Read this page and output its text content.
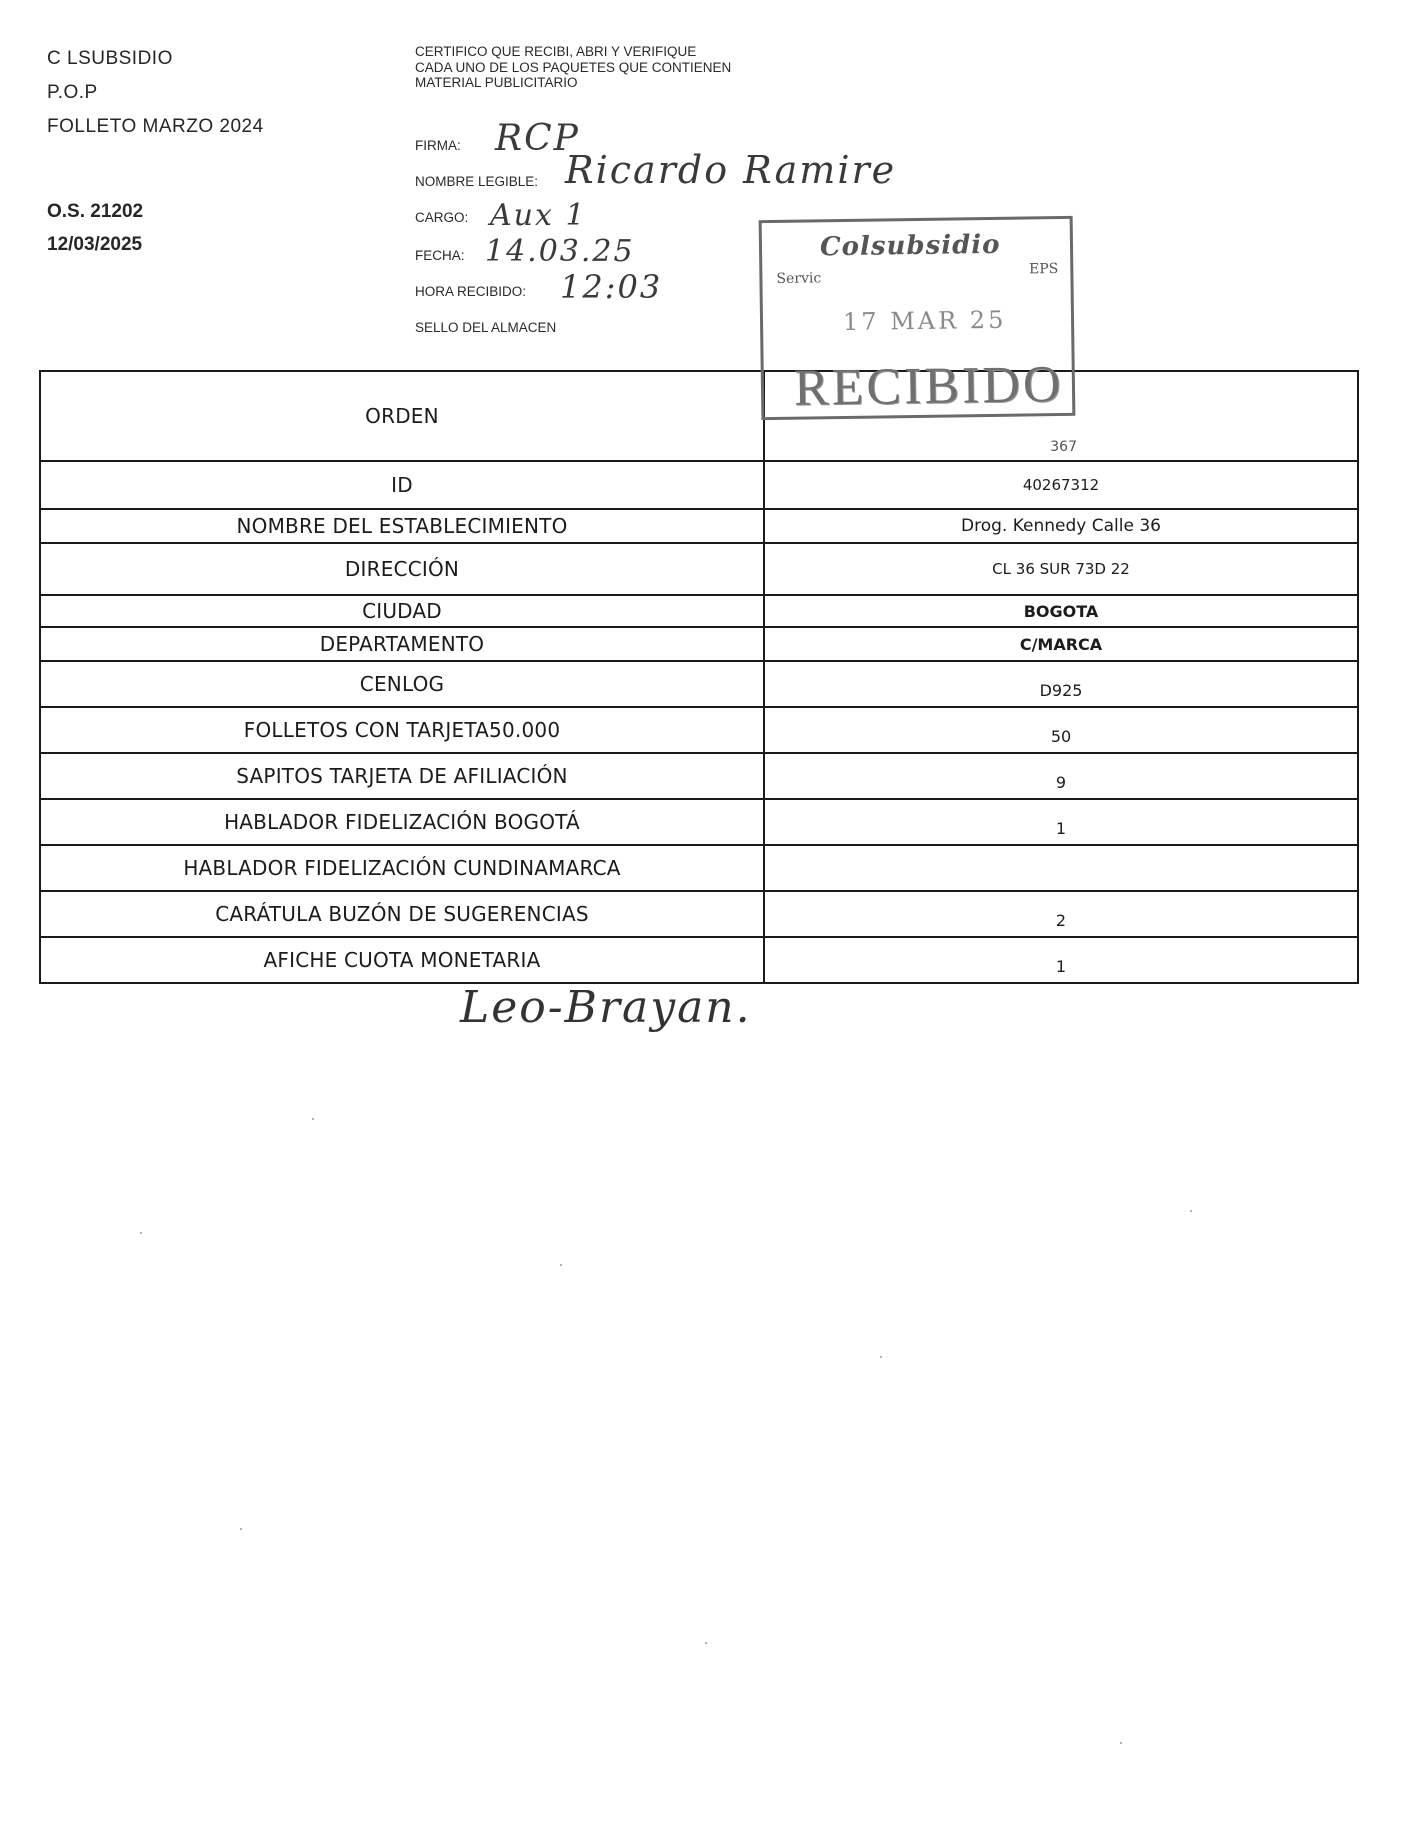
C LSUBSIDIO
P.O.P
FOLLETO MARZO 2024
O.S. 21202
12/03/2025
CERTIFICO QUE RECIBI, ABRI Y VERIFIQUE CADA UNO DE LOS PAQUETES QUE CONTIENEN MATERIAL PUBLICITARIO
FIRMA: RCP
NOMBRE LEGIBLE: Ricardo Ramire
CARGO: Aux 1
FECHA: 14.03.25
HORA RECIBIDO: 12:03
SELLO DEL ALMACEN
ORDEN	367

ID	40267312
NOMBRE DEL ESTABLECIMIENTO	Drog. Kennedy Calle 36
DIRECCIÓN	CL 36 SUR 73D 22
CIUDAD	BOGOTA
DEPARTAMENTO	C/MARCA
CENLOG	D925
FOLLETOS CON TARJETA50.000	50
SAPITOS TARJETA DE AFILIACIÓN	9
HABLADOR FIDELIZACIÓN BOGOTÁ	1
HABLADOR FIDELIZACIÓN CUNDINAMARCA	
CARÁTULA BUZÓN DE SUGERENCIAS	2
AFICHE CUOTA MONETARIA	1
Colsubsidio
Servic
EPS
17 MAR 25
RECIBIDO
Leo-Brayan.
